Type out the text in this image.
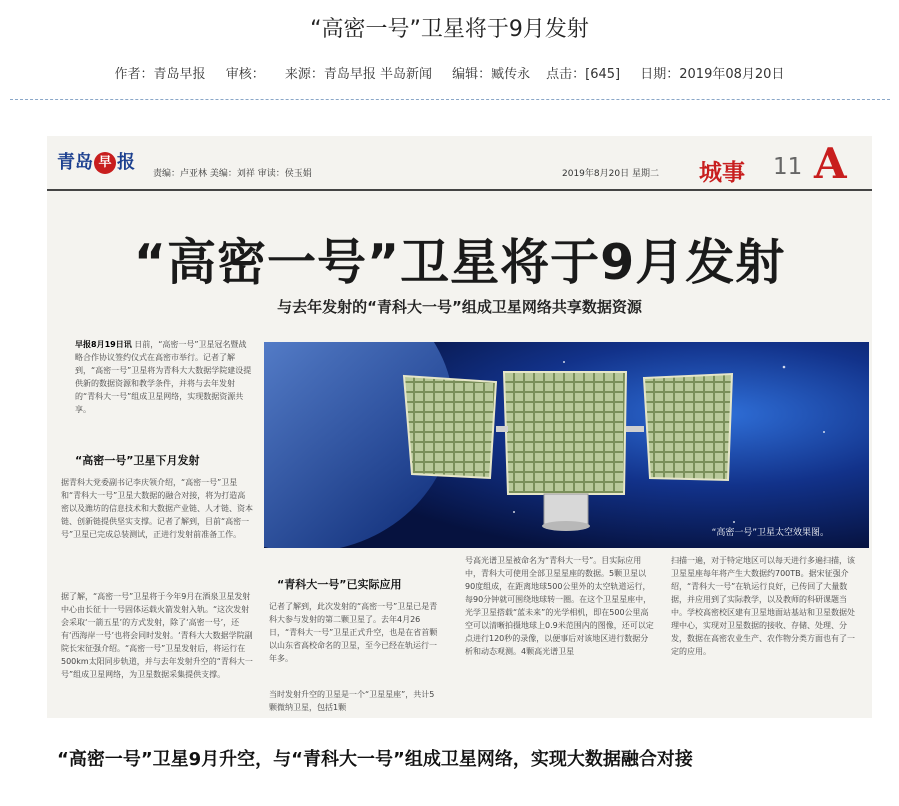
“高密一号”卫星将于9月发射
作者：青岛早报 审核： 来源：青岛早报 半岛新闻 编辑：臧传永 点击：[645] 日期：2019年08月20日
青岛 早 报
责编：卢亚林 美编：刘祥 审读：侯玉娟	2019年8月20日 星期二 城事 11 A
“高密一号”卫星将于9月发射
与去年发射的“青科大一号”组成卫星网络共享数据资源
早报8月19日讯 日前，“高密一号”卫星冠名暨战略合作协议签约仪式在高密市举行。记者了解到，“高密一号”卫星将为青科大大数据学院建设提供新的数据资源和教学条件，并将与去年发射的“青科大一号”组成卫星网络，实现数据资源共享。
“高密一号”卫星下月发射
据青科大党委副书记李庆领介绍，“高密一号”卫星和“青科大一号”卫星大数据的融合对接，将为打造高密以及潍坊的信息技术和大数据产业链、人才链、资本链、创新链提供坚实支撑。记者了解到，目前“高密一号”卫星已完成总装测试，正进行发射前准备工作。
据了解，“高密一号”卫星将于今年9月在酒泉卫星发射中心由长征十一号固体运载火箭发射入轨。“这次发射会采取‘一箭五星’的方式发射，除了‘高密一号’，还有‘西海岸一号’也将会同时发射。‘青科大大数据学院副院长宋征强介绍。“高密一号”卫星发射后，将运行在500km太阳同步轨道，并与去年发射升空的“青科大一号”组成卫星网络，为卫星数据采集提供支撑。
“高密一号”卫星太空效果图。
“青科大一号”已实际应用
记者了解到，此次发射的“高密一号”卫星已是青科大参与发射的第二颗卫星了。去年4月26日，“青科大一号”卫星正式升空，也是在省首颗以山东省高校命名的卫星，至今已经在轨运行一年多。
当时发射升空的卫星是一个“卫星星座”，共计5颗微纳卫星，包括1颗
号高光谱卫星被命名为“青科大一号”。目实际应用中，青科大可使用全部卫星星座的数据。5颗卫星以90度组成，在距离地球500公里外的太空轨道运行，每90分钟就可围绕地球转一圈。在这个卫星星座中，光学卫星搭载“蓝未来”的光学相机，即在500公里高空可以清晰拍摄地球上0.9米范围内的图像，还可以定点进行120秒的录像，以便事后对该地区进行数据分析和动态观测。4颗高光谱卫星
扫描一遍，对于特定地区可以每天进行多遍扫描，该卫星星座每年将产生大数据约700TB。据宋征强介绍，“青科大一号”在轨运行良好，已传回了大量数据，并应用到了实际教学，以及教师的科研课题当中。学校高密校区建有卫星地面站基站和卫星数据处理中心，实现对卫星数据的接收、存储、处理、分发，数据在高密农业生产、农作物分类方面也有了一定的应用。
“高密一号”卫星9月升空，与“青科大一号”组成卫星网络，实现大数据融合对接
